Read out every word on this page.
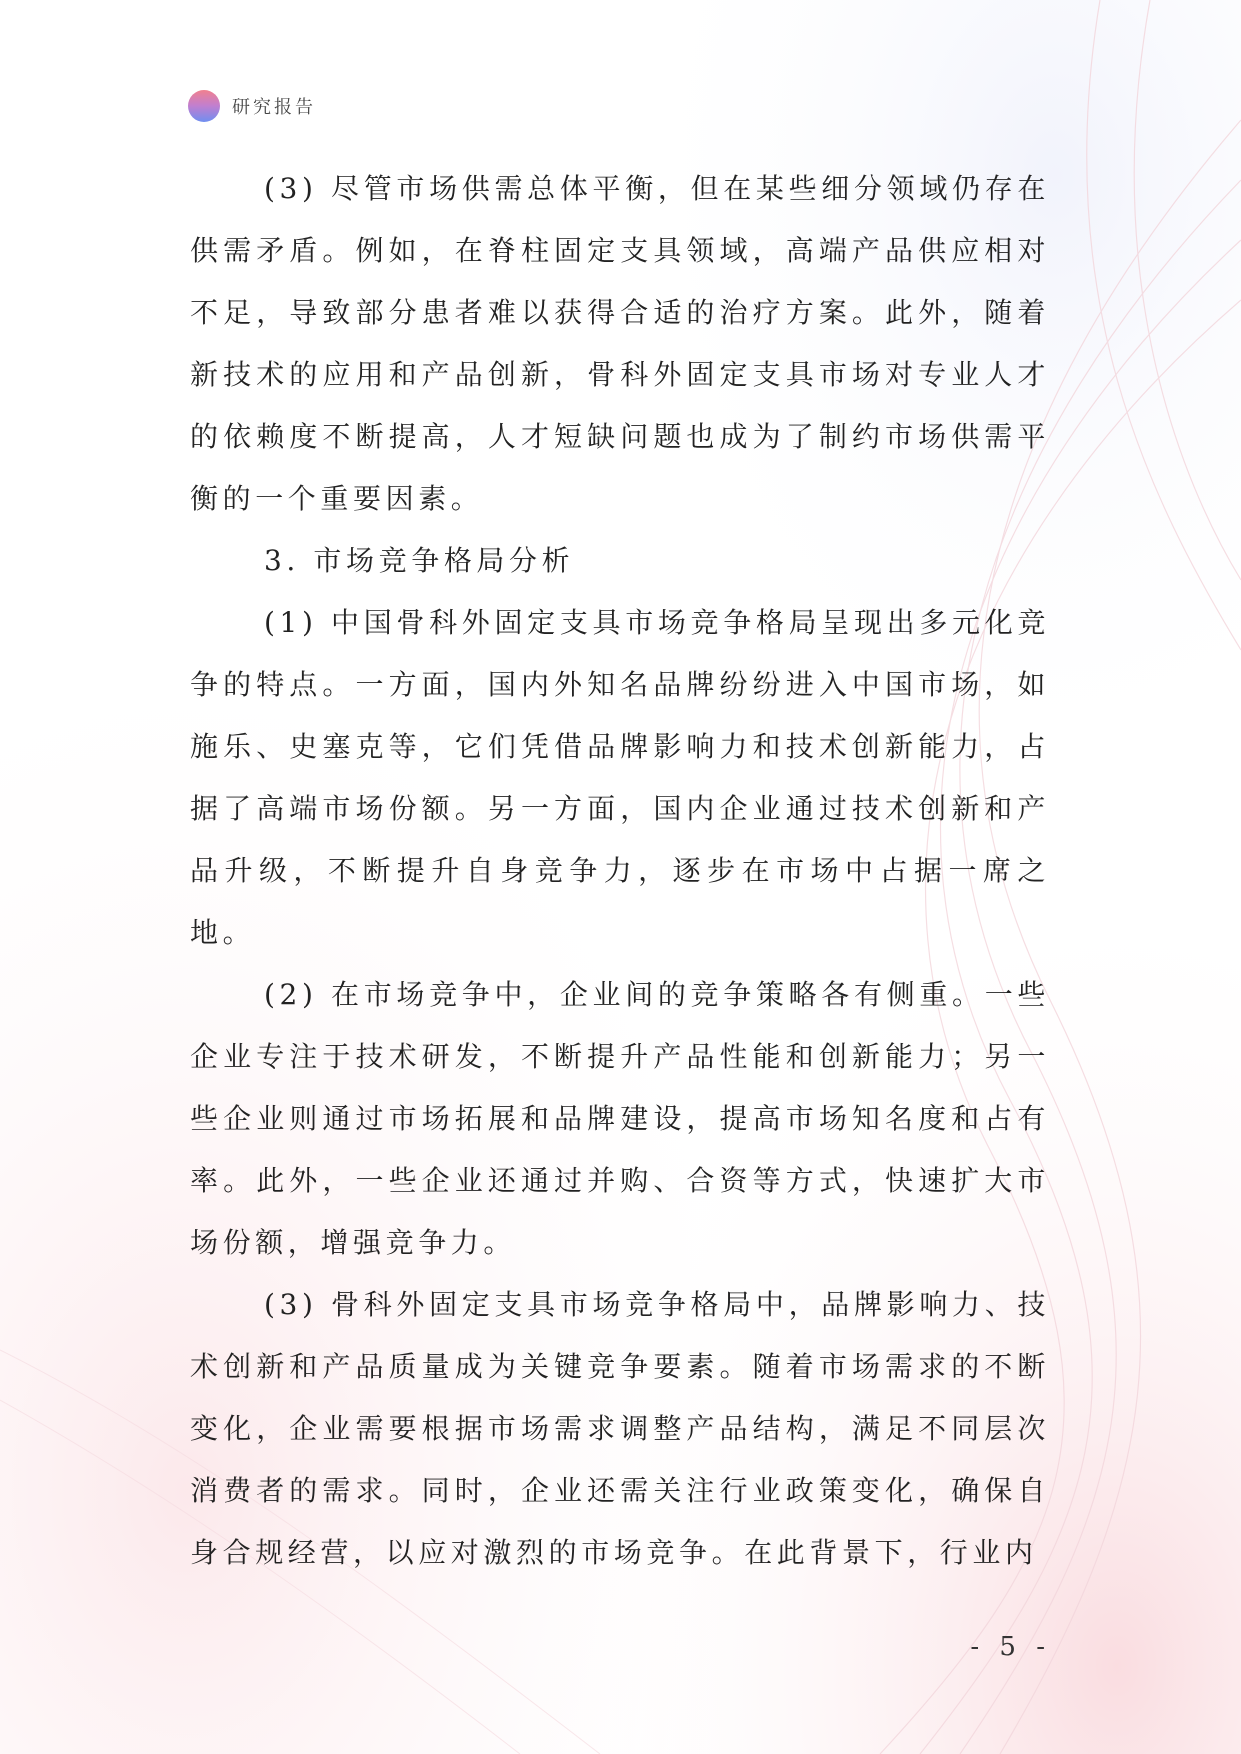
研究报告

(3) 尽管市场供需总体平衡，但在某些细分领域仍存在供需矛盾。例如，在脊柱固定支具领域，高端产品供应相对不足，导致部分患者难以获得合适的治疗方案。此外，随着新技术的应用和产品创新，骨科外固定支具市场对专业人才的依赖度不断提高，人才短缺问题也成为了制约市场供需平衡的一个重要因素。

3. 市场竞争格局分析

(1) 中国骨科外固定支具市场竞争格局呈现出多元化竞争的特点。一方面，国内外知名品牌纷纷进入中国市场，如施乐、史塞克等，它们凭借品牌影响力和技术创新能力，占据了高端市场份额。另一方面，国内企业通过技术创新和产品升级，不断提升自身竞争力，逐步在市场中占据一席之地。

(2) 在市场竞争中，企业间的竞争策略各有侧重。一些企业专注于技术研发，不断提升产品性能和创新能力；另一些企业则通过市场拓展和品牌建设，提高市场知名度和占有率。此外，一些企业还通过并购、合资等方式，快速扩大市场份额，增强竞争力。

(3) 骨科外固定支具市场竞争格局中，品牌影响力、技术创新和产品质量成为关键竞争要素。随着市场需求的不断变化，企业需要根据市场需求调整产品结构，满足不同层次消费者的需求。同时，企业还需关注行业政策变化，确保自身合规经营，以应对激烈的市场竞争。在此背景下，行业内

- 5 -
